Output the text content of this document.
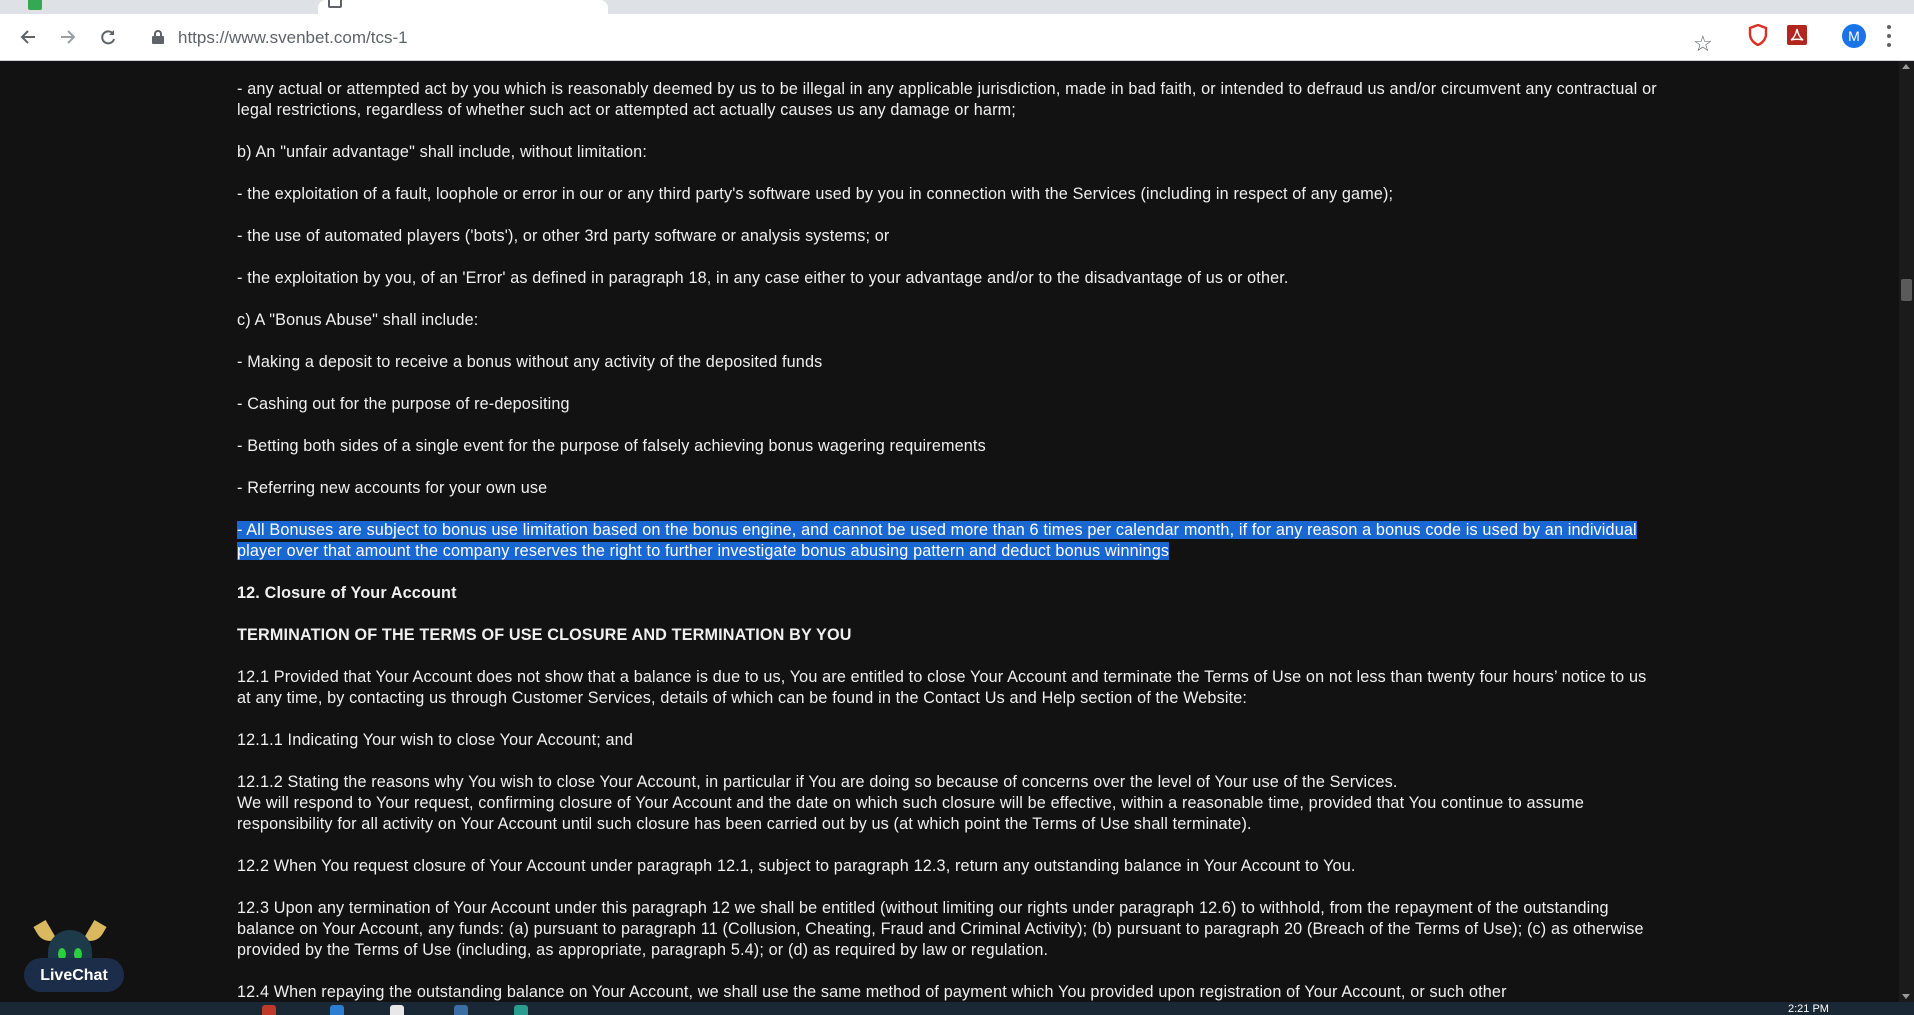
https://www.svenbet.com/tcs-1	☆	M

- any actual or attempted act by you which is reasonably deemed by us to be illegal in any applicable jurisdiction, made in bad faith, or intended to defraud us and/or circumvent any contractual or legal restrictions, regardless of whether such act or attempted act actually causes us any damage or harm;

b) An "unfair advantage" shall include, without limitation:

- the exploitation of a fault, loophole or error in our or any third party's software used by you in connection with the Services (including in respect of any game);

- the use of automated players ('bots'), or other 3rd party software or analysis systems; or

- the exploitation by you, of an 'Error' as defined in paragraph 18, in any case either to your advantage and/or to the disadvantage of us or other.

c) A "Bonus Abuse" shall include:

- Making a deposit to receive a bonus without any activity of the deposited funds

- Cashing out for the purpose of re-depositing

- Betting both sides of a single event for the purpose of falsely achieving bonus wagering requirements

- Referring new accounts for your own use

- All Bonuses are subject to bonus use limitation based on the bonus engine, and cannot be used more than 6 times per calendar month, if for any reason a bonus code is used by an individual player over that amount the company reserves the right to further investigate bonus abusing pattern and deduct bonus winnings

12. Closure of Your Account

TERMINATION OF THE TERMS OF USE CLOSURE AND TERMINATION BY YOU

12.1 Provided that Your Account does not show that a balance is due to us, You are entitled to close Your Account and terminate the Terms of Use on not less than twenty four hours’ notice to us at any time, by contacting us through Customer Services, details of which can be found in the Contact Us and Help section of the Website:

12.1.1 Indicating Your wish to close Your Account; and

12.1.2 Stating the reasons why You wish to close Your Account, in particular if You are doing so because of concerns over the level of Your use of the Services.
We will respond to Your request, confirming closure of Your Account and the date on which such closure will be effective, within a reasonable time, provided that You continue to assume responsibility for all activity on Your Account until such closure has been carried out by us (at which point the Terms of Use shall terminate).

12.2 When You request closure of Your Account under paragraph 12.1, subject to paragraph 12.3, return any outstanding balance in Your Account to You.

12.3 Upon any termination of Your Account under this paragraph 12 we shall be entitled (without limiting our rights under paragraph 12.6) to withhold, from the repayment of the outstanding balance on Your Account, any funds: (a) pursuant to paragraph 11 (Collusion, Cheating, Fraud and Criminal Activity); (b) pursuant to paragraph 20 (Breach of the Terms of Use); (c) as otherwise provided by the Terms of Use (including, as appropriate, paragraph 5.4); or (d) as required by law or regulation.

12.4 When repaying the outstanding balance on Your Account, we shall use the same method of payment which You provided upon registration of Your Account, or such other

LiveChat
2:21 PM
